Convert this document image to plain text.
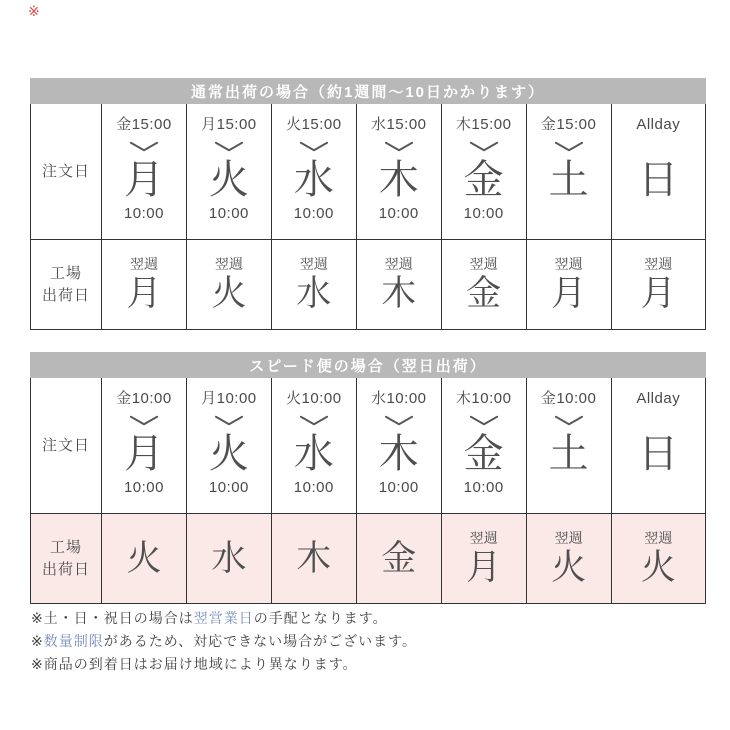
※
通常出荷の場合（約1週間〜10日かかります）
注文日
金15:00
月
10:00
月15:00
火
10:00
火15:00
水
10:00
水15:00
木
10:00
木15:00
金
10:00
金15:00
土
Allday
日
工場
出荷日
翌週
月
翌週
火
翌週
水
翌週
木
翌週
金
翌週
月
翌週
月
スピード便の場合（翌日出荷）
注文日
金10:00
月
10:00
月10:00
火
10:00
火10:00
水
10:00
水10:00
木
10:00
木10:00
金
10:00
金10:00
土
Allday
日
工場
出荷日 火 水 木 金
翌週
月
翌週
火
翌週
火

※土・日・祝日の場合は翌営業日の手配となります。

※数量制限があるため、対応できない場合がございます。

※商品の到着日はお届け地域により異なります。
